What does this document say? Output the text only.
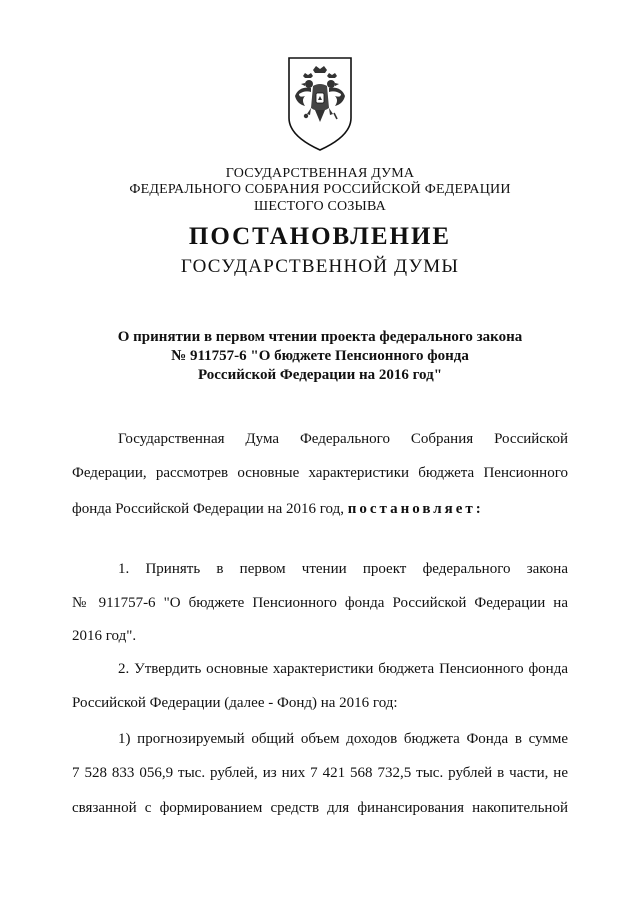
ГОСУДАРСТВЕННАЯ ДУМА
ФЕДЕРАЛЬНОГО СОБРАНИЯ РОССИЙСКОЙ ФЕДЕРАЦИИ
ШЕСТОГО СОЗЫВА
ПОСТАНОВЛЕНИЕ
ГОСУДАРСТВЕННОЙ ДУМЫ
О принятии в первом чтении проекта федерального закона
№ 911757-6 "О бюджете Пенсионного фонда
Российской Федерации на 2016 год"
Государственная Дума Федерального Собрания Российской
Федерации, рассмотрев основные характеристики бюджета Пенсионного
фонда Российской Федерации на 2016 год, постановляет:
1. Принять в первом чтении проект федерального закона
№ 911757-6 "О бюджете Пенсионного фонда Российской Федерации на
2016 год".
2. Утвердить основные характеристики бюджета Пенсионного фонда
Российской Федерации (далее - Фонд) на 2016 год:
1) прогнозируемый общий объем доходов бюджета Фонда в сумме
7 528 833 056,9 тыс. рублей, из них 7 421 568 732,5 тыс. рублей в части, не
связанной с формированием средств для финансирования накопительной
